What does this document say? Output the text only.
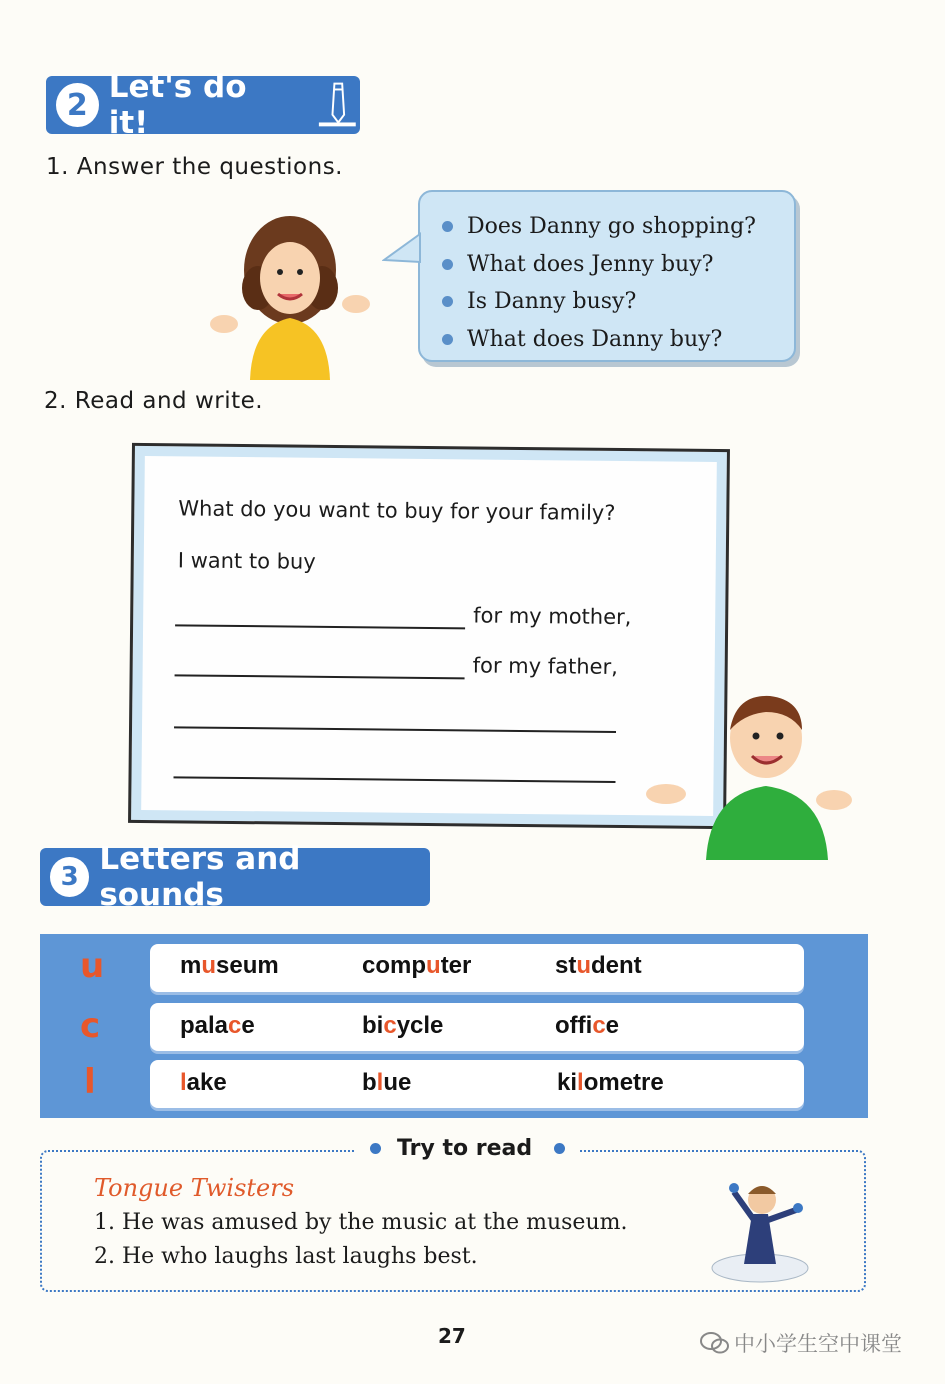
2 Let's do it!
1. Answer the questions.
Does Danny go shopping?
What does Jenny buy?
Is Danny busy?
What does Danny buy?
2. Read and write.
What do you want to buy for your family?
I want to buy
for my mother,
for my father,
3 Letters and sounds
u	museum	computer	student
c	palace	bicycle	office
l	lake	blue	kilometre
Try to read
Tongue Twisters
1. He was amused by the music at the museum.
2. He who laughs last laughs best.
27	中小学生空中课堂
